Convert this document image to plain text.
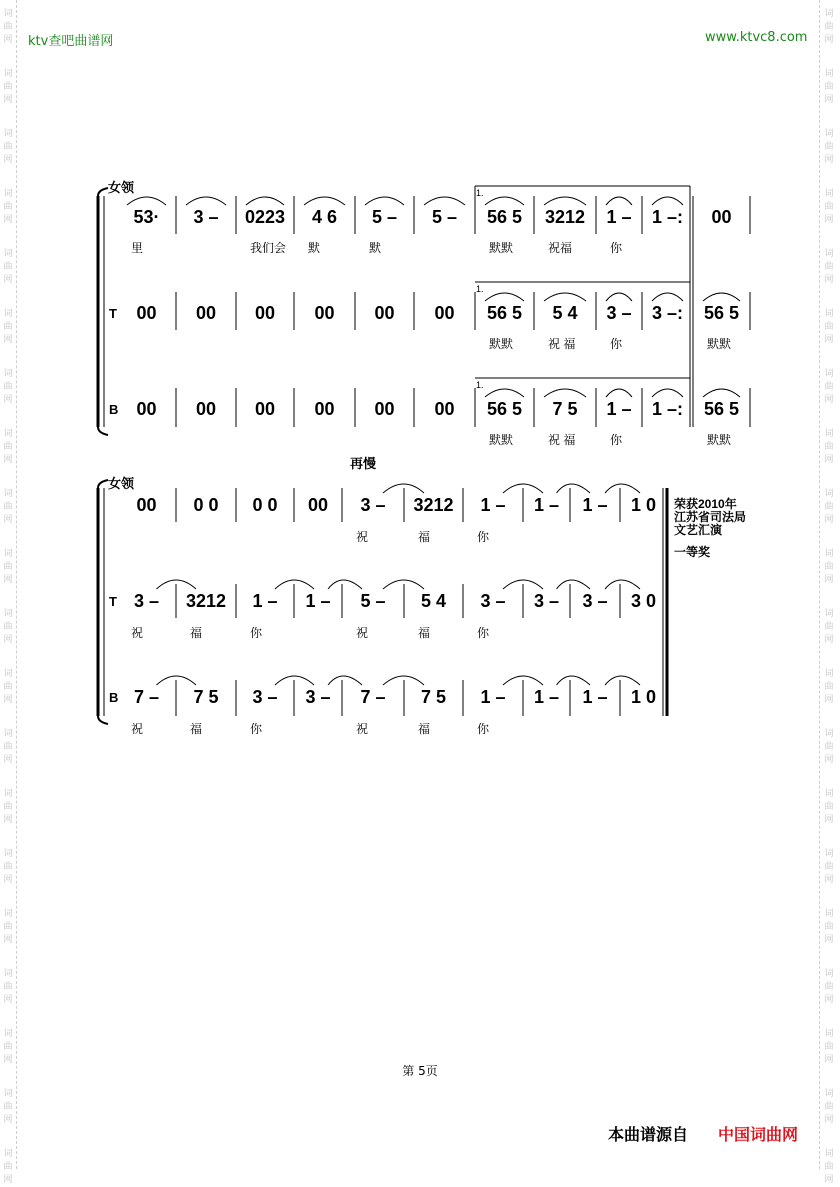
词	词
曲	曲
网	网
词	词
曲	曲
网	网
词	词
曲	曲
网	网
词	词
曲	曲
网	网
词	词
曲	曲
网	网
词	词
曲	曲
网	网
词	词
曲	曲
网	网
词	词
曲	曲
网	网
词	词
曲	曲
网	网
词	词
曲	曲
网	网
词	词
曲	曲
网	网
词	词
曲	曲
网	网
词	词
曲	曲
网	网
词	词
曲	曲
网	网
词	词
曲	曲
网	网
词	词
曲	曲
网	网
词	词
曲	曲
网	网
词	词
曲	曲
网	网
词	词
曲	曲
网	网
词	词
曲	曲
网	网
ktv查吧曲谱网	www.ktvc8.com
1.
1.
1.
女领
53· 3 – 0223 4 6 5 – 5 – 56 5 3212 1 – 1 –: 00
里	我们会 默	默	默默	祝福	你
T 00 00 00 00 00 00 56 5 5 4 3 – 3 –: 56 5
默默	祝 福	你	默默
B 00 00 00 00 00 00 56 5 7 5 1 – 1 –: 56 5
默默	祝 福	你	默默
女领
再慢
00 0 0 0 0 00 3 – 3212 1 – 1 – 1 – 1 0
祝	福	你
T 3 – 3212 1 – 1 – 5 – 5 4 3 – 3 – 3 – 3 0
祝	福	你	祝	福	你
B 7 – 7 5 3 – 3 – 7 – 7 5 1 – 1 – 1 – 1 0
祝	福	你	祝	福	你
荣获2010年
江苏省司法局
文艺汇演
一等奖
第 5页
本曲谱源自 中国词曲网
